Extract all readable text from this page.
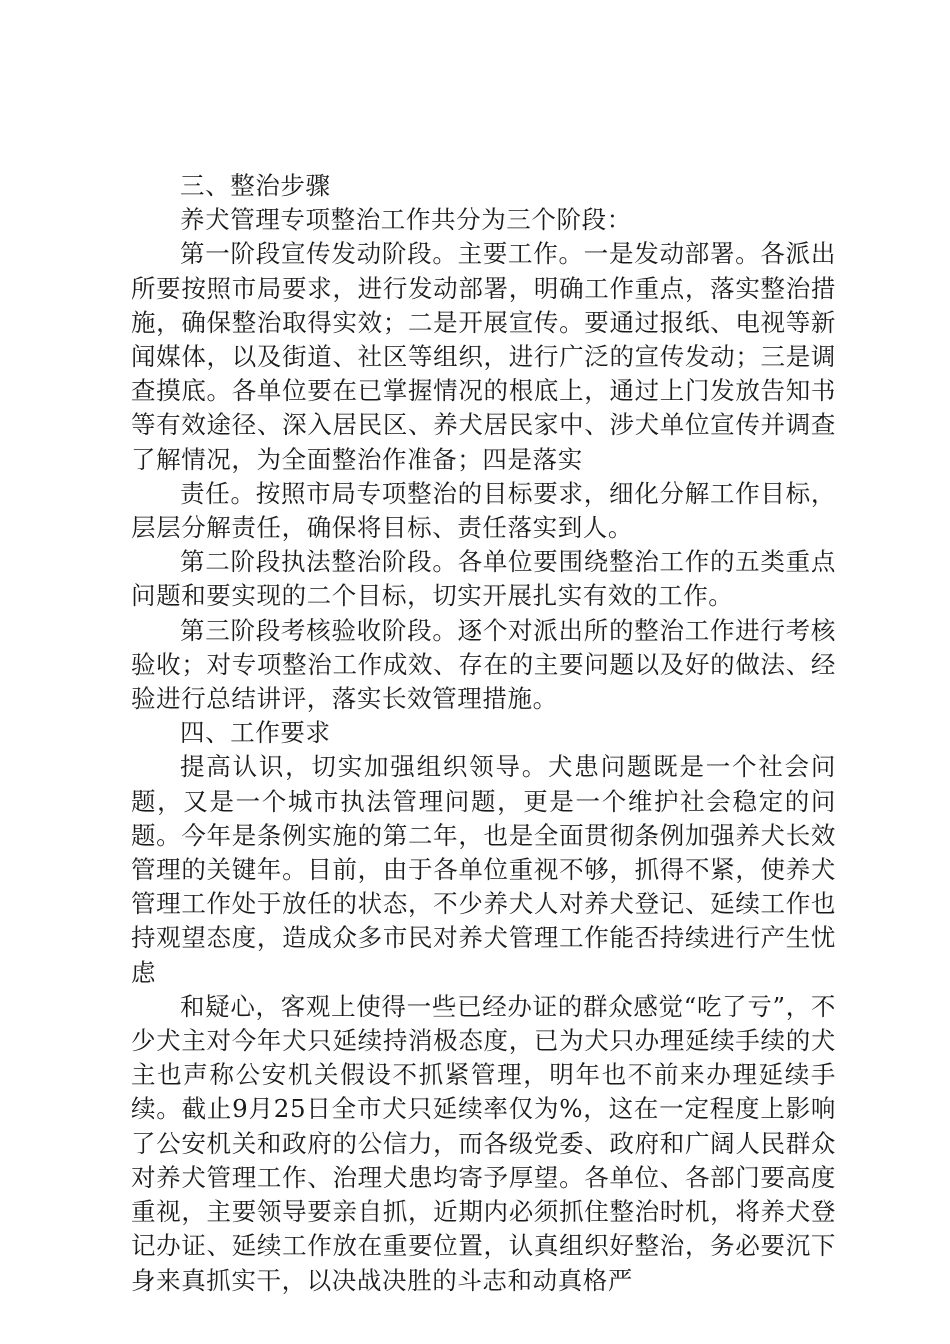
三、整治步骤

养犬管理专项整治工作共分为三个阶段：

第一阶段宣传发动阶段。主要工作。一是发动部署。各派出所要按照市局要求，进行发动部署，明确工作重点，落实整治措施，确保整治取得实效；二是开展宣传。要通过报纸、电视等新闻媒体，以及街道、社区等组织，进行广泛的宣传发动；三是调查摸底。各单位要在已掌握情况的根底上，通过上门发放告知书等有效途径、深入居民区、养犬居民家中、涉犬单位宣传并调查了解情况，为全面整治作准备；四是落实

责任。按照市局专项整治的目标要求，细化分解工作目标，层层分解责任，确保将目标、责任落实到人。

第二阶段执法整治阶段。各单位要围绕整治工作的五类重点问题和要实现的二个目标，切实开展扎实有效的工作。

第三阶段考核验收阶段。逐个对派出所的整治工作进行考核验收；对专项整治工作成效、存在的主要问题以及好的做法、经验进行总结讲评，落实长效管理措施。

四、工作要求

提高认识，切实加强组织领导。犬患问题既是一个社会问题，又是一个城市执法管理问题，更是一个维护社会稳定的问题。今年是条例实施的第二年，也是全面贯彻条例加强养犬长效管理的关键年。目前，由于各单位重视不够，抓得不紧，使养犬管理工作处于放任的状态，不少养犬人对养犬登记、延续工作也持观望态度，造成众多市民对养犬管理工作能否持续进行产生忧虑

和疑心，客观上使得一些已经办证的群众感觉“吃了亏”，不少犬主对今年犬只延续持消极态度，已为犬只办理延续手续的犬主也声称公安机关假设不抓紧管理，明年也不前来办理延续手续。截止9月25日全市犬只延续率仅为%，这在一定程度上影响了公安机关和政府的公信力，而各级党委、政府和广阔人民群众对养犬管理工作、治理犬患均寄予厚望。各单位、各部门要高度重视，主要领导要亲自抓，近期内必须抓住整治时机，将养犬登记办证、延续工作放在重要位置，认真组织好整治，务必要沉下身来真抓实干，以决战决胜的斗志和动真格严
